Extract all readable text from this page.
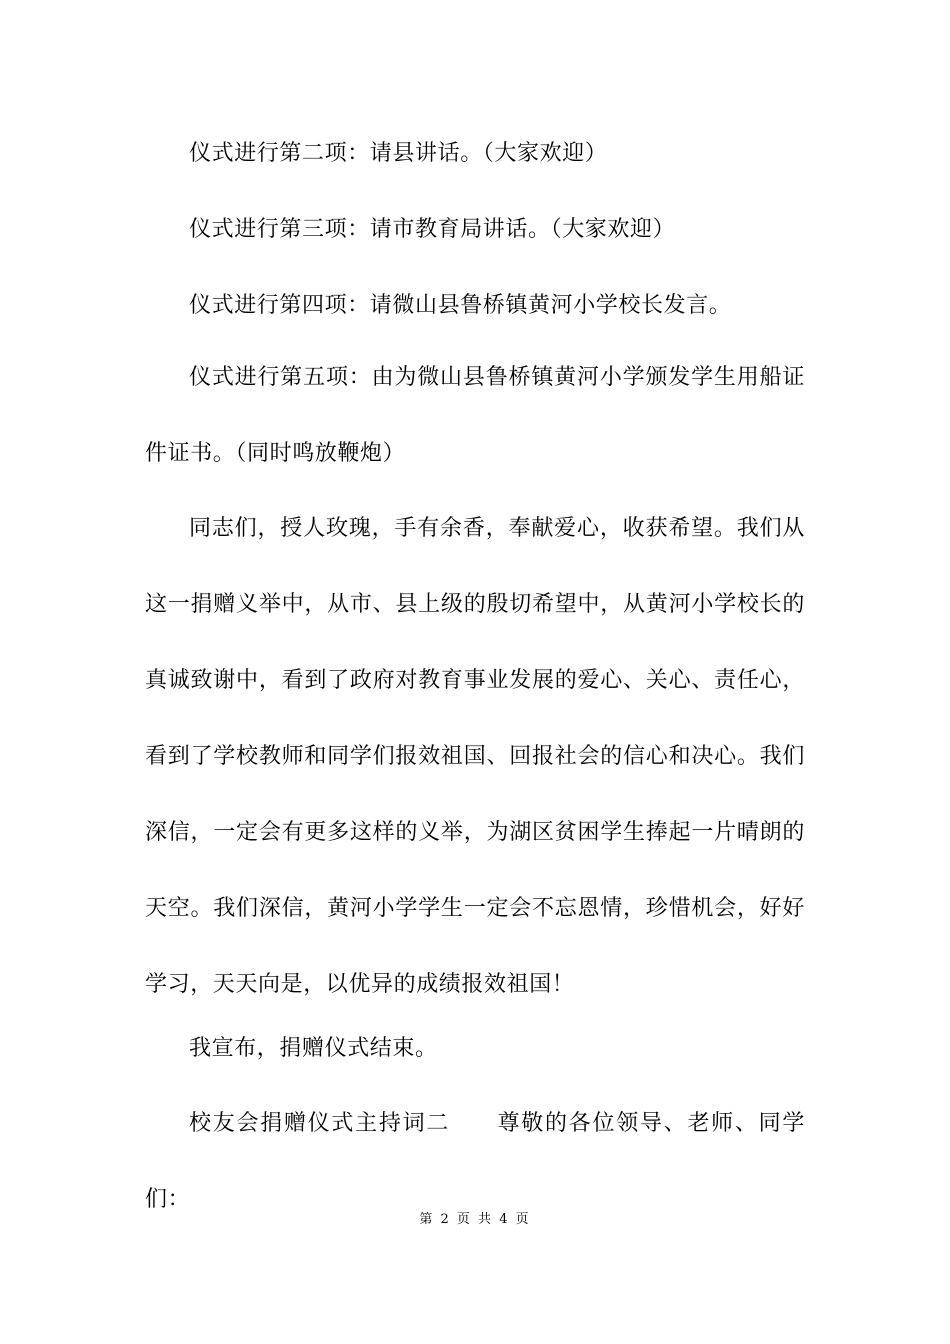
仪式进行第二项：请县讲话。（大家欢迎）

仪式进行第三项：请市教育局讲话。（大家欢迎）

仪式进行第四项：请微山县鲁桥镇黄河小学校长发言。

仪式进行第五项：由为微山县鲁桥镇黄河小学颁发学生用船证件证书。（同时鸣放鞭炮）

同志们，授人玫瑰，手有余香，奉献爱心，收获希望。我们从这一捐赠义举中，从市、县上级的殷切希望中，从黄河小学校长的真诚致谢中，看到了政府对教育事业发展的爱心、关心、责任心，看到了学校教师和同学们报效祖国、回报社会的信心和决心。我们深信，一定会有更多这样的义举，为湖区贫困学生捧起一片晴朗的天空。我们深信，黄河小学学生一定会不忘恩情，珍惜机会，好好学习，天天向是，以优异的成绩报效祖国！

我宣布，捐赠仪式结束。

校友会捐赠仪式主持词二　　尊敬的各位领导、老师、同学们：

第 2 页 共 4 页
